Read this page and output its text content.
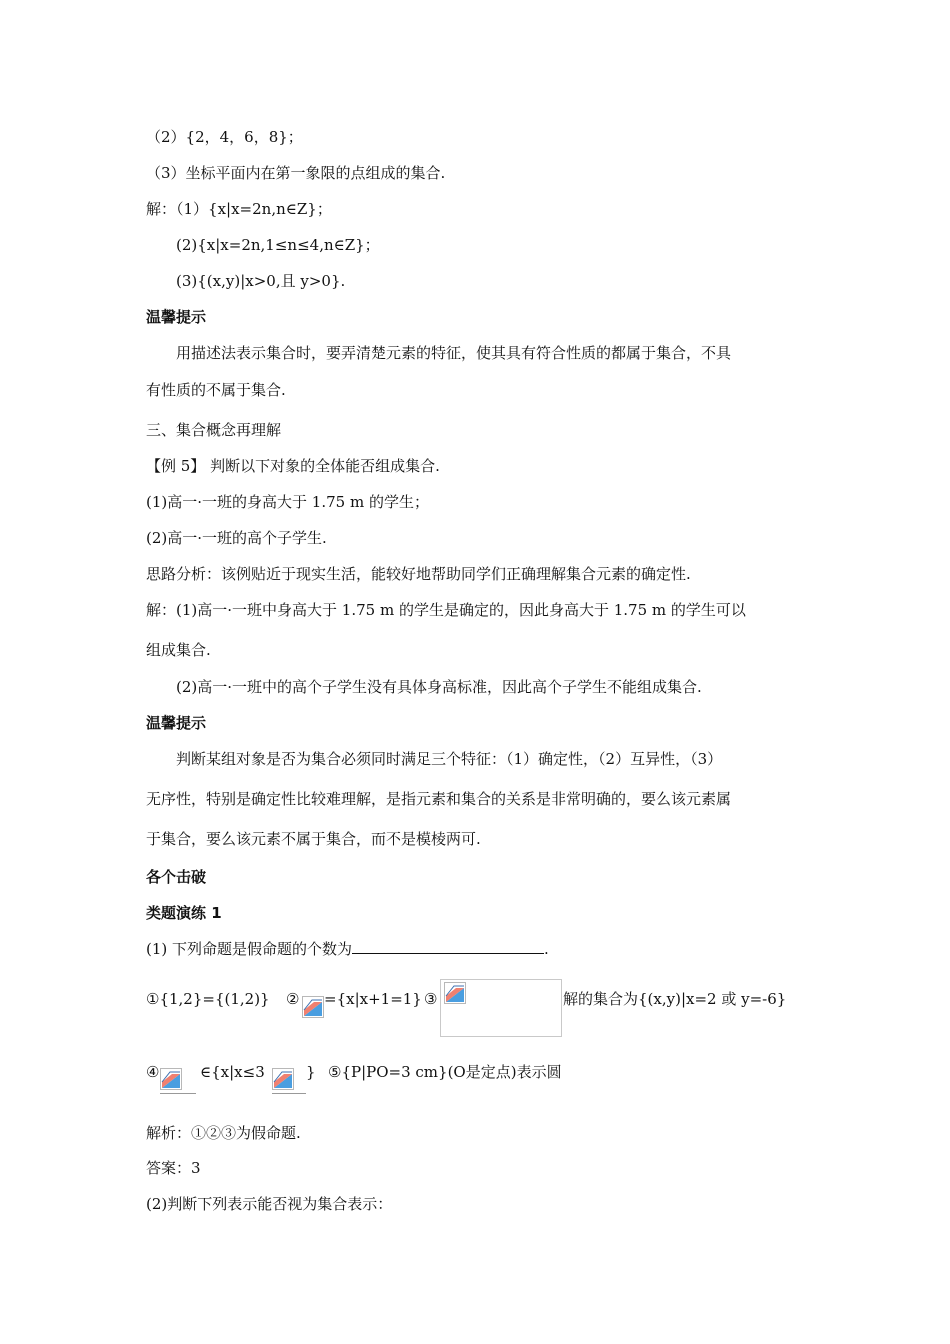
（2）{2，4，6，8}；
（3）坐标平面内在第一象限的点组成的集合.
解：（1）{x|x=2n,n∈Z}；
(2){x|x=2n,1≤n≤4,n∈Z}；
(3){(x,y)|x>0,且 y>0}.
温馨提示
用描述法表示集合时，要弄清楚元素的特征，使其具有符合性质的都属于集合，不具
有性质的不属于集合.
三、集合概念再理解
【例 5】 判断以下对象的全体能否组成集合.
(1)高一·一班的身高大于 1.75 m 的学生；
(2)高一·一班的高个子学生.
思路分析：该例贴近于现实生活，能较好地帮助同学们正确理解集合元素的确定性.
解：(1)高一·一班中身高大于 1.75 m 的学生是确定的，因此身高大于 1.75 m 的学生可以
组成集合.
(2)高一·一班中的高个子学生没有具体身高标准，因此高个子学生不能组成集合.
温馨提示
判断某组对象是否为集合必须同时满足三个特征：（1）确定性，（2）互异性，（3）
无序性，特别是确定性比较难理解，是指元素和集合的关系是非常明确的，要么该元素属
于集合，要么该元素不属于集合，而不是模棱两可.
各个击破
类题演练 1
(1) 下列命题是假命题的个数为	.
①{1,2}={(1,2)} ② ={x|x+1=1} ③	解的集合为{(x,y)|x=2 或 y=-6}
④	∈{x|x≤3	} ⑤{P|PO=3 cm}(O是定点)表示圆
解析：①②③为假命题.
答案：3
(2)判断下列表示能否视为集合表示：
